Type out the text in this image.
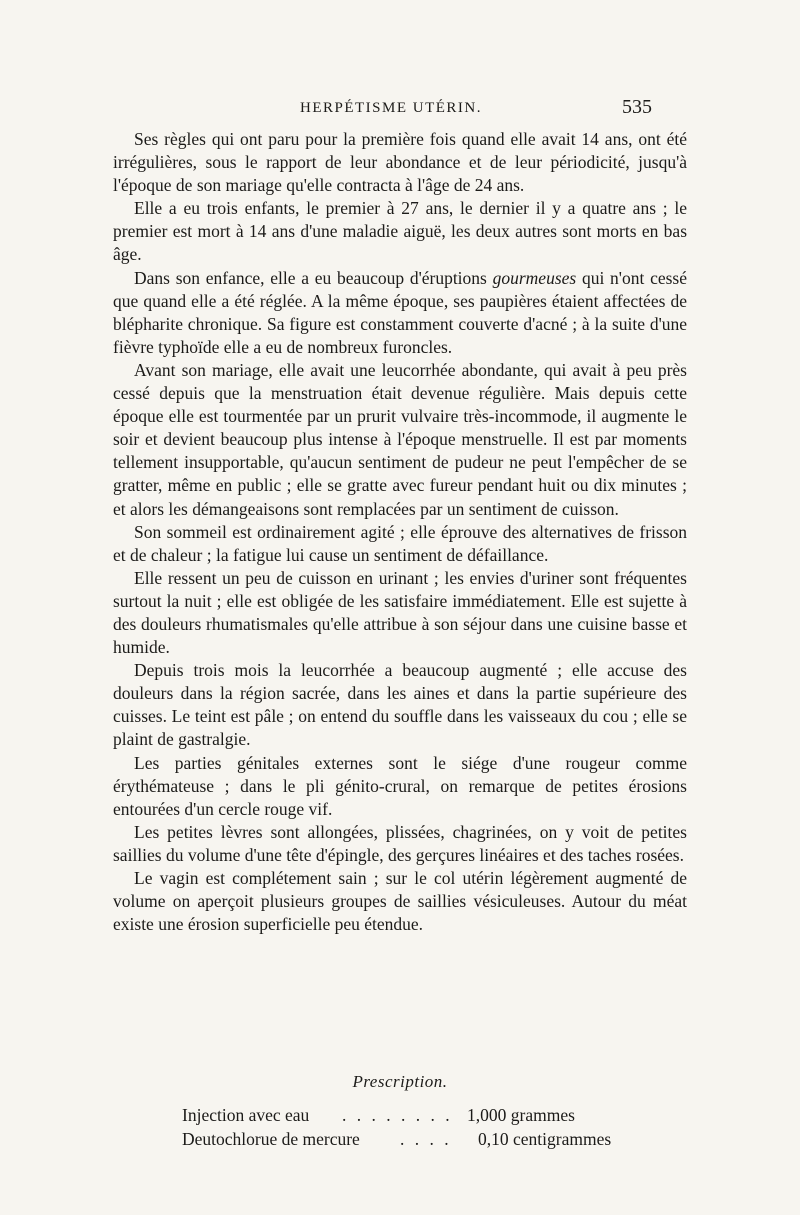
HERPÉTISME UTÉRIN.	535

Ses règles qui ont paru pour la première fois quand elle avait 14 ans, ont été irrégulières, sous le rapport de leur abondance et de leur périodicité, jusqu'à l'époque de son mariage qu'elle contracta à l'âge de 24 ans.

Elle a eu trois enfants, le premier à 27 ans, le dernier il y a quatre ans ; le premier est mort à 14 ans d'une maladie aiguë, les deux autres sont morts en bas âge.

Dans son enfance, elle a eu beaucoup d'éruptions gourmeuses qui n'ont cessé que quand elle a été réglée. A la même époque, ses paupières étaient affectées de blépharite chronique. Sa figure est constamment couverte d'acné ; à la suite d'une fièvre typhoïde elle a eu de nombreux furoncles.

Avant son mariage, elle avait une leucorrhée abondante, qui avait à peu près cessé depuis que la menstruation était devenue régulière. Mais depuis cette époque elle est tourmentée par un prurit vulvaire très-incommode, il augmente le soir et devient beaucoup plus intense à l'époque menstruelle. Il est par moments tellement insupportable, qu'aucun sentiment de pudeur ne peut l'empêcher de se gratter, même en public ; elle se gratte avec fureur pendant huit ou dix minutes ; et alors les démangeaisons sont remplacées par un sentiment de cuisson.

Son sommeil est ordinairement agité ; elle éprouve des alternatives de frisson et de chaleur ; la fatigue lui cause un sentiment de défaillance.

Elle ressent un peu de cuisson en urinant ; les envies d'uriner sont fréquentes surtout la nuit ; elle est obligée de les satisfaire immédiatement. Elle est sujette à des douleurs rhumatismales qu'elle attribue à son séjour dans une cuisine basse et humide.

Depuis trois mois la leucorrhée a beaucoup augmenté ; elle accuse des douleurs dans la région sacrée, dans les aines et dans la partie supérieure des cuisses. Le teint est pâle ; on entend du souffle dans les vaisseaux du cou ; elle se plaint de gastralgie.

Les parties génitales externes sont le siége d'une rougeur comme érythémateuse ; dans le pli génito-crural, on remarque de petites érosions entourées d'un cercle rouge vif.

Les petites lèvres sont allongées, plissées, chagrinées, on y voit de petites saillies du volume d'une tête d'épingle, des gerçures linéaires et des taches rosées.

Le vagin est complétement sain ; sur le col utérin légèrement augmenté de volume on aperçoit plusieurs groupes de saillies vésiculeuses. Autour du méat existe une érosion superficielle peu étendue.

Prescription.
Injection avec eau . . . . . . . . 1,000 grammes
Deutochlorue de mercure . . . . 0,10 centigrammes
